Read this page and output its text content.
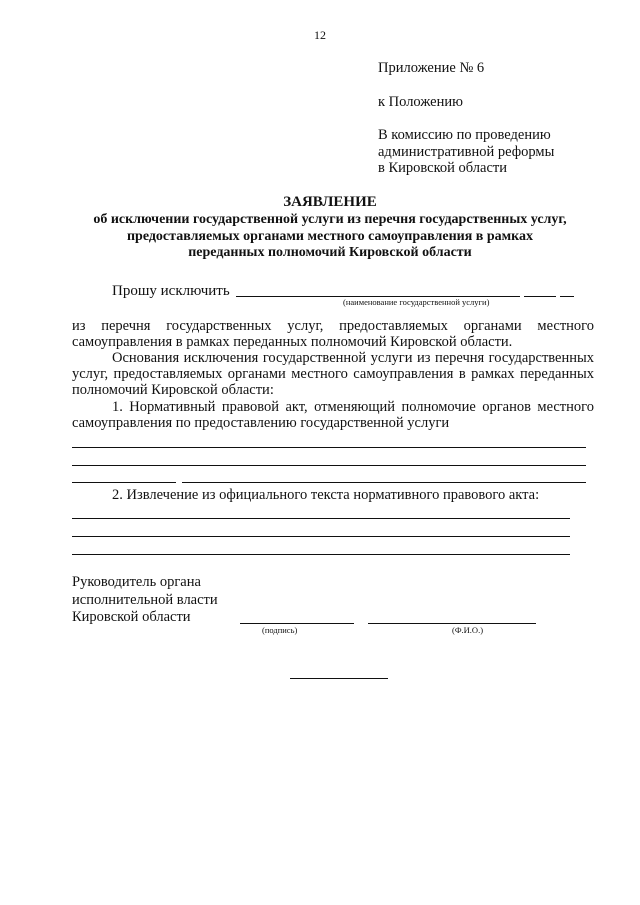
12
Приложение № 6
к Положению
В комиссию по проведению
административной реформы
в Кировской области
ЗАЯВЛЕНИЕ
об исключении государственной услуги из перечня государственных услуг,
предоставляемых органами местного самоуправления в рамках
переданных полномочий Кировской области
Прошу исключить
(наименование государственной услуги)
из перечня государственных услуг, предоставляемых органами местного самоуправления в рамках переданных полномочий Кировской области.
Основания исключения государственной услуги из перечня государственных услуг, предоставляемых органами местного самоуправления в рамках переданных полномочий Кировской области:
1. Нормативный правовой акт, отменяющий полномочие органов местного самоуправления по предоставлению государственной услуги
2. Извлечение из официального текста нормативного правового акта:
Руководитель органа
исполнительной власти
Кировской области
(подпись)	(Ф.И.О.)
